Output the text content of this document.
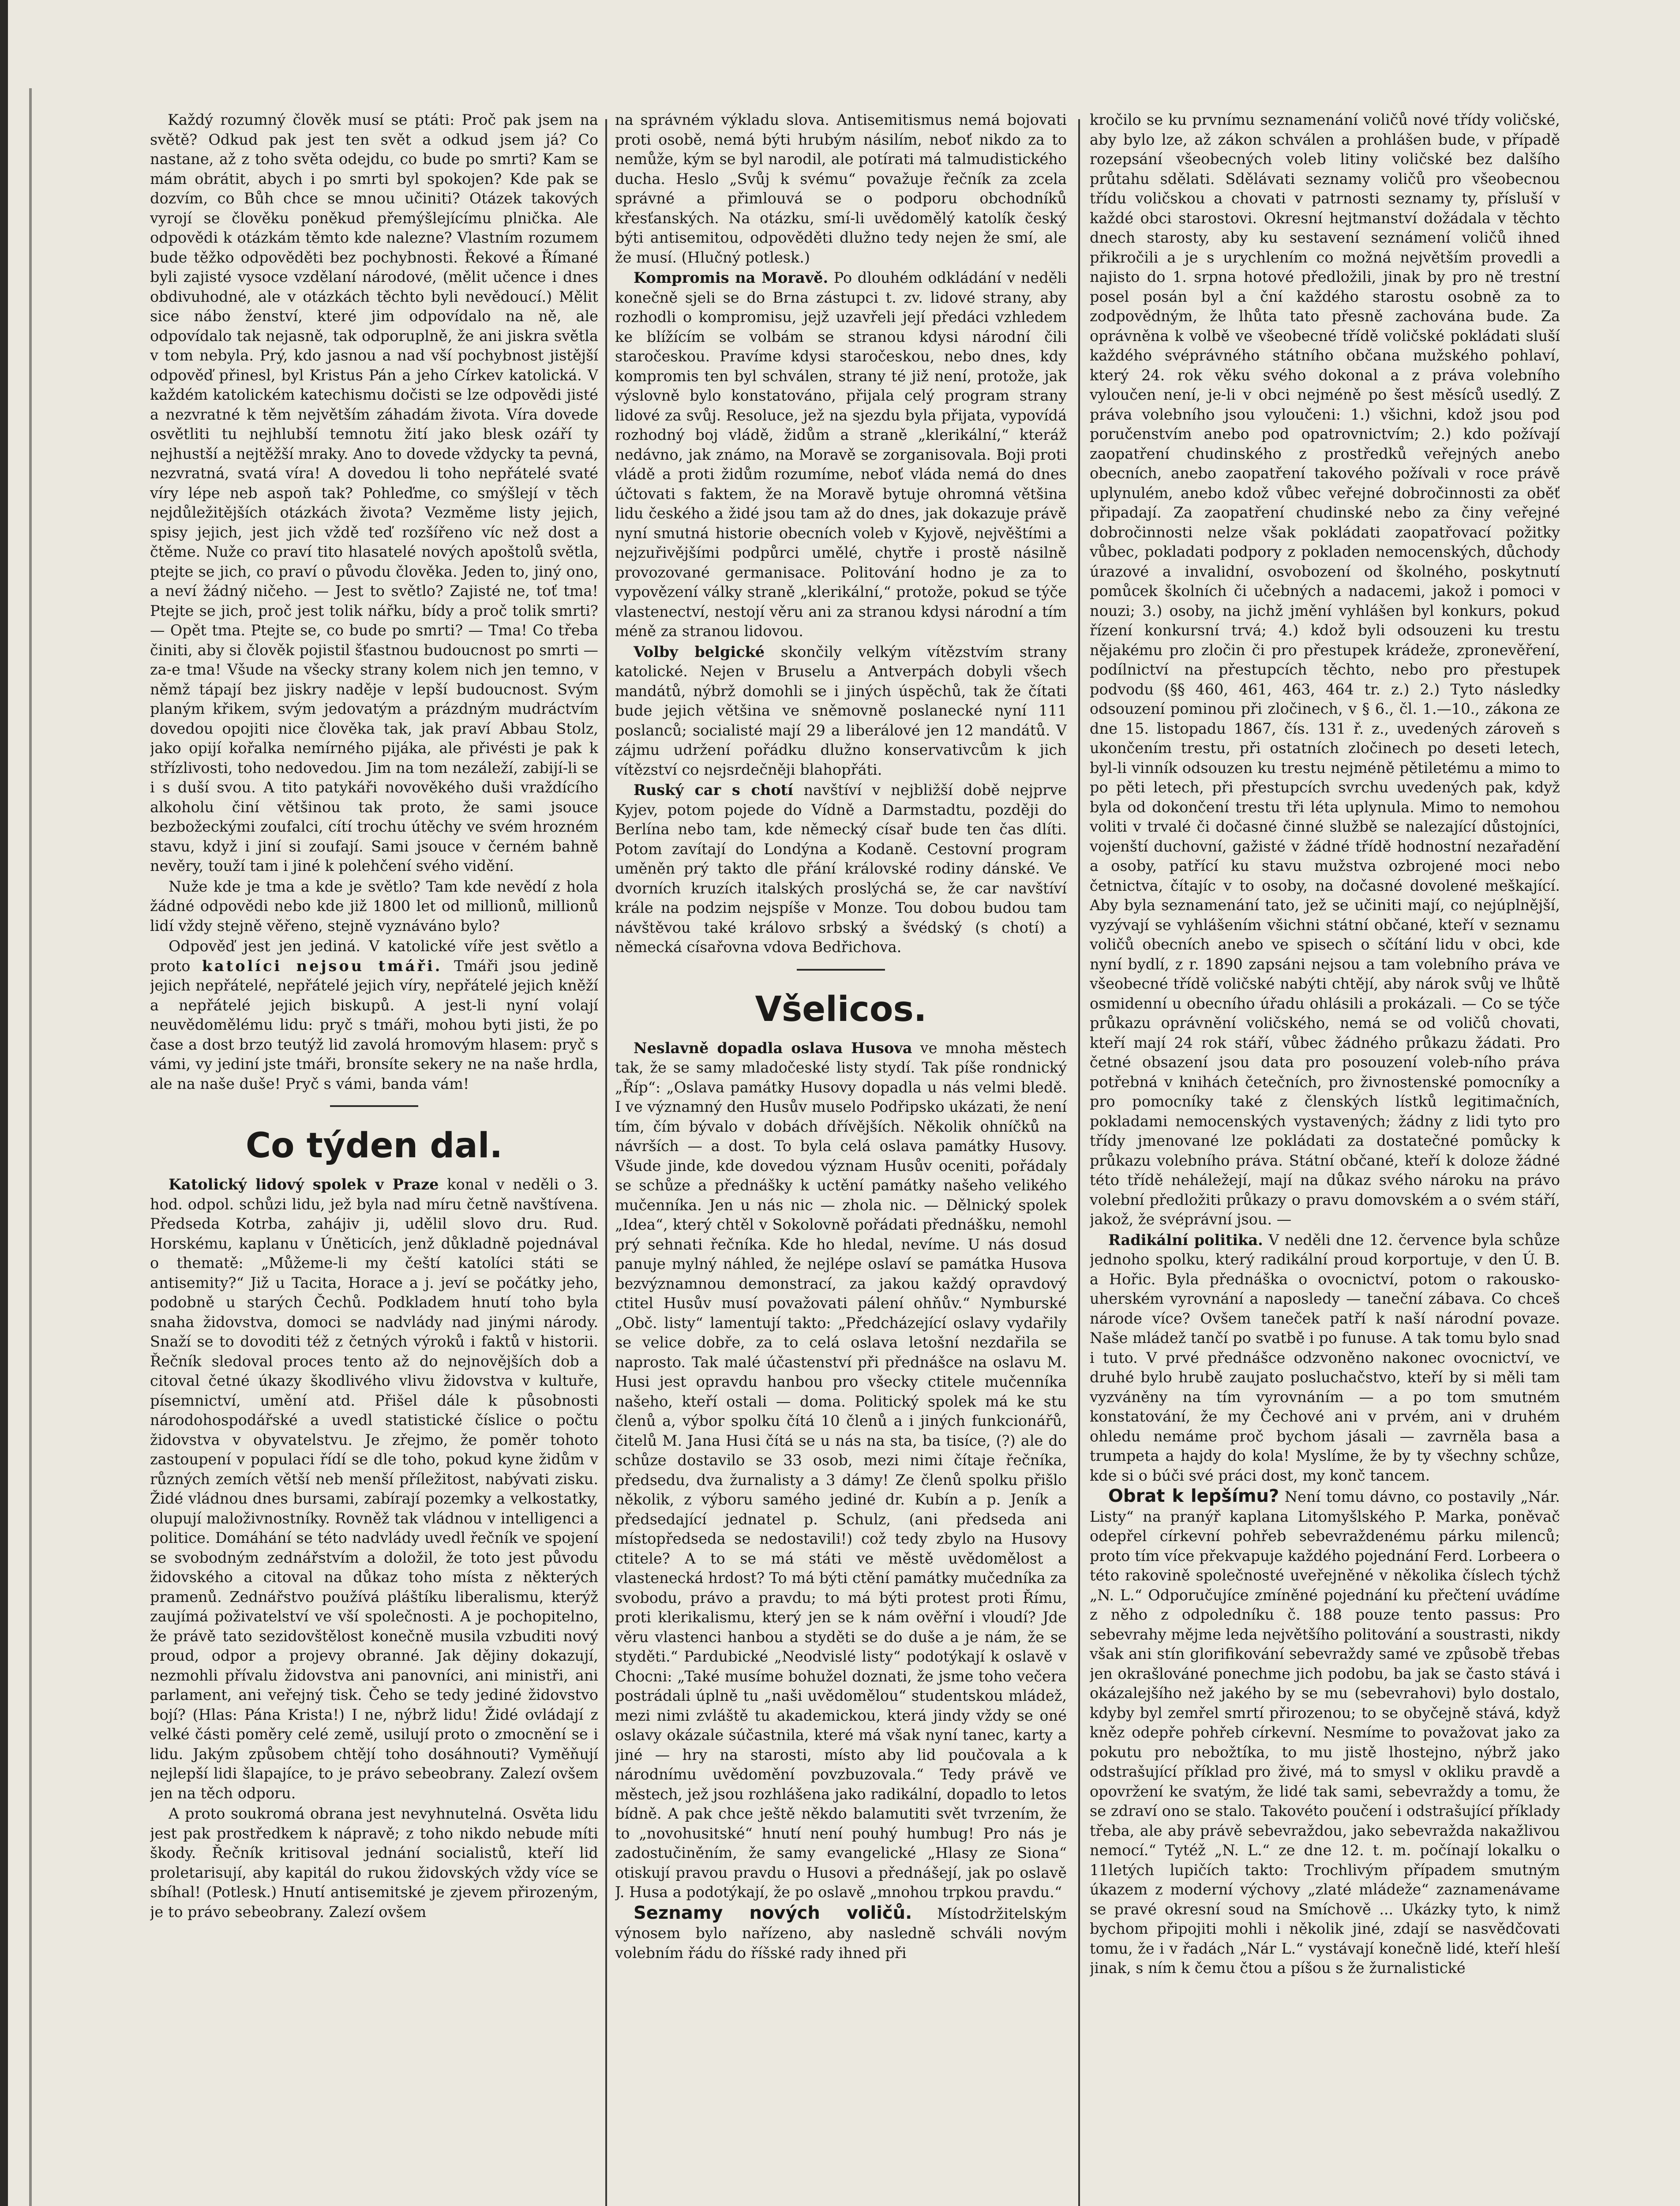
Každý rozumný člověk musí se ptáti: Proč pak jsem na světě? Odkud pak jest ten svět a odkud jsem já? Co nastane, až z toho světa odejdu, co bude po smrti? Kam se mám obrátit, abych i po smrti byl spokojen? Kde pak se dozvím, co Bůh chce se mnou učiniti? Otázek takových vyrojí se člověku poněkud přemýšlejícímu plnička. Ale odpovědi k otázkám těmto kde nalezne? Vlastním rozumem bude těžko odpověděti bez pochybnosti. Řekové a Římané byli zajisté vysoce vzdělaní národové, (mělit učence i dnes obdivuhodné, ale v otázkách těchto byli nevědoucí.) Mělit sice nábo ženství, které jim odpovídalo na ně, ale odpovídalo tak nejasně, tak odporuplně, že ani jiskra světla v tom nebyla. Prý, kdo jasnou a nad vší pochybnost jistější odpověď přinesl, byl Kristus Pán a jeho Církev katolická. V každém katolickém katechismu dočisti se lze odpovědi jisté a nezvratné k těm největším záhadám života. Víra dovede osvětliti tu nejhlubší temnotu žití jako blesk ozáří ty nejhustší a nejtěžší mraky. Ano to dovede vždycky ta pevná, nezvratná, svatá víra! A dovedou li toho nepřátelé svaté víry lépe neb aspoň tak? Pohleďme, co smýšlejí v těch nejdůležitějších otázkách života? Vezměme listy jejich, spisy jejich, jest jich vždě teď rozšířeno víc než dost a čtěme. Nuže co praví tito hlasatelé nových apoštolů světla, ptejte se jich, co praví o původu člověka. Jeden to, jiný ono, a neví žádný ničeho. — Jest to světlo? Zajisté ne, toť tma! Ptejte se jich, proč jest tolik nářku, bídy a proč tolik smrti? — Opět tma. Ptejte se, co bude po smrti? — Tma! Co třeba činiti, aby si člověk pojistil šťastnou budoucnost po smrti — za-e tma! Všude na všecky strany kolem nich jen temno, v němž tápají bez jiskry naděje v lepší budoucnost. Svým planým křikem, svým jedovatým a prázdným mudráctvím dovedou opojiti nice člověka tak, jak praví Abbau Stolz, jako opijí kořalka nemírného pijáka, ale přivésti je pak k střízlivosti, toho nedovedou. Jim na tom nezáleží, zabijí-li se i s duší svou. A tito patykáři novověkého duši vraždícího alkoholu činí většinou tak proto, že sami jsouce bezbožeckými zoufalci, cítí trochu útěchy ve svém hrozném stavu, když i jiní si zoufají. Sami jsouce v černém bahně nevěry, touží tam i jiné k polehčení svého vidění.

Nuže kde je tma a kde je světlo? Tam kde nevědí z hola žádné odpovědi nebo kde již 1800 let od millionů, millionů lidí vždy stejně věřeno, stejně vyznáváno bylo?

Odpověď jest jen jediná. V katolické víře jest světlo a proto katolíci nejsou tmáři. Tmáři jsou jedině jejich nepřátelé, nepřátelé jejich víry, nepřátelé jejich kněží a nepřátelé jejich biskupů. A jest-li nyní volají neuvědomělému lidu: pryč s tmáři, mohou byti jisti, že po čase a dost brzo teutýž lid zavolá hromovým hlasem: pryč s vámi, vy jediní jste tmáři, bronsíte sekery ne na naše hrdla, ale na naše duše! Pryč s vámi, banda vám!

Co týden dal.

Katolický lidový spolek v Praze konal v neděli o 3. hod. odpol. schůzi lidu, jež byla nad míru četně navštívena. Předseda Kotrba, zahájiv ji, udělil slovo dru. Rud. Horskému, kaplanu v Úněticích, jenž důkladně pojednával o thematě: „Můžeme-li my čeští katolíci státi se antisemity?“ Již u Tacita, Horace a j. jeví se počátky jeho, podobně u starých Čechů. Podkladem hnutí toho byla snaha židovstva, domoci se nadvlády nad jinými národy. Snaží se to dovoditi též z četných výroků i faktů v historii. Řečník sledoval proces tento až do nejnovějších dob a citoval četné úkazy škodlivého vlivu židovstva v kultuře, písemnictví, umění atd. Přišel dále k působnosti národohospodářské a uvedl statistické číslice o počtu židovstva v obyvatelstvu. Je zřejmo, že poměr tohoto zastoupení v populaci řídí se dle toho, pokud kyne židům v různých zemích větší neb menší příležitost, nabývati zisku. Židé vládnou dnes bursami, zabírají pozemky a velkostatky, olupují maloživnostníky. Rovněž tak vládnou v intelligenci a politice. Domáhání se této nadvlády uvedl řečník ve spojení se svobodným zednářstvím a doložil, že toto jest původu židovského a citoval na důkaz toho místa z některých pramenů. Zednářstvo používá pláštíku liberalismu, kterýž zaujímá poživatelství ve vší společnosti. A je pochopitelno, že právě tato sezidovštělost konečně musila vzbuditi nový proud, odpor a projevy obranné. Jak dějiny dokazují, nezmohli přívalu židovstva ani panovníci, ani ministři, ani parlament, ani veřejný tisk. Čeho se tedy jediné židovstvo bojí? (Hlas: Pána Krista!) I ne, nýbrž lidu! Židé ovládají z velké části poměry celé země, usilují proto o zmocnění se i lidu. Jakým způsobem chtějí toho dosáhnouti? Vyměňují nejlepší lidi šlapajíce, to je právo sebeobrany. Zalezí ovšem jen na těch odporu.

A proto soukromá obrana jest nevyhnutelná. Osvěta lidu jest pak prostředkem k nápravě; z toho nikdo nebude míti škody. Řečník kritisoval jednání socialistů, kteří lid proletarisují, aby kapitál do rukou židovských vždy více se sbíhal! (Potlesk.) Hnutí antisemitské je zjevem přirozeným, je to právo sebeobrany. Zalezí ovšem

na správném výkladu slova. Antisemitismus nemá bojovati proti osobě, nemá býti hrubým násilím, neboť nikdo za to nemůže, kým se byl narodil, ale potírati má talmudistického ducha. Heslo „Svůj k svému“ považuje řečník za zcela správné a přimlouvá se o podporu obchodníků křesťanských. Na otázku, smí-li uvědomělý katolík český býti antisemitou, odpověděti dlužno tedy nejen že smí, ale že musí. (Hlučný potlesk.)

Kompromis na Moravě. Po dlouhém odkládání v neděli konečně sjeli se do Brna zástupci t. zv. lidové strany, aby rozhodli o kompromisu, jejž uzavřeli její předáci vzhledem ke blížícím se volbám se stranou kdysi národní čili staročeskou. Pravíme kdysi staročeskou, nebo dnes, kdy kompromis ten byl schválen, strany té již není, protože, jak výslovně bylo konstatováno, přijala celý program strany lidové za svůj. Resoluce, jež na sjezdu byla přijata, vypovídá rozhodný boj vládě, židům a straně „klerikální,“ kteráž nedávno, jak známo, na Moravě se zorganisovala. Boji proti vládě a proti židům rozumíme, neboť vláda nemá do dnes účtovati s faktem, že na Moravě bytuje ohromná většina lidu českého a židé jsou tam až do dnes, jak dokazuje právě nyní smutná historie obecních voleb v Kyjově, nejvěštími a nejzuřivějšími podpůrci umělé, chytře i prostě násilně provozované germanisace. Politování hodno je za to vypovězení války straně „klerikální,“ protože, pokud se týče vlastenectví, nestojí věru ani za stranou kdysi národní a tím méně za stranou lidovou.

Volby belgické skončily velkým vítězstvím strany katolické. Nejen v Bruselu a Antverpách dobyli všech mandátů, nýbrž domohli se i jiných úspěchů, tak že čítati bude jejich většina ve sněmovně poslanecké nyní 111 poslanců; socialisté mají 29 a liberálové jen 12 mandátů. V zájmu udržení pořádku dlužno konservativcům k jich vítězství co nejsrdečněji blahopřáti.

Ruský car s chotí navštíví v nejbližší době nejprve Kyjev, potom pojede do Vídně a Darmstadtu, později do Berlína nebo tam, kde německý císař bude ten čas dlíti. Potom zavítají do Londýna a Kodaně. Cestovní program uměněn prý takto dle přání královské rodiny dánské. Ve dvorních kruzích italských proslýchá se, že car navštíví krále na podzim nejspíše v Monze. Tou dobou budou tam návštěvou také královo srbský a švédský (s chotí) a německá císařovna vdova Bedřichova.

Všelicos.

Neslavně dopadla oslava Husova ve mnoha městech tak, že se samy mladočeské listy stydí. Tak píše rondnický „Říp“: „Oslava památky Husovy dopadla u nás velmi bledě. I ve významný den Husův muselo Podřipsko ukázati, že není tím, čím bývalo v dobách dřívějších. Několik ohníčků na návrších — a dost. To byla celá oslava památky Husovy. Všude jinde, kde dovedou význam Husův oceniti, pořádaly se schůze a přednášky k uctění památky našeho velikého mučenníka. Jen u nás nic — zhola nic. — Dělnický spolek „Idea“, který chtěl v Sokolovně pořádati přednášku, nemohl prý sehnati řečníka. Kde ho hledal, nevíme. U nás dosud panuje mylný náhled, že nejlépe oslaví se památka Husova bezvýznamnou demonstrací, za jakou každý opravdový ctitel Husův musí považovati pálení ohňův.“ Nymburské „Obč. listy“ lamentují takto: „Předcházející oslavy vydařily se velice dobře, za to celá oslava letošní nezdařila se naprosto. Tak malé účastenství při přednášce na oslavu M. Husi jest opravdu hanbou pro všecky ctitele mučenníka našeho, kteří ostali — doma. Politický spolek má ke stu členů a, výbor spolku čítá 10 členů a i jiných funkcionářů, čitelů M. Jana Husi čítá se u nás na sta, ba tisíce, (?) ale do schůze dostavilo se 33 osob, mezi nimi čítaje řečníka, předsedu, dva žurnalisty a 3 dámy! Ze členů spolku přišlo několik, z výboru samého jediné dr. Kubín a p. Jeník a předsedající jednatel p. Schulz, (ani předseda ani místopředseda se nedostavili!) což tedy zbylo na Husovy ctitele? A to se má státi ve městě uvědomělost a vlastenecká hrdost? To má býti ctění památky mučedníka za svobodu, právo a pravdu; to má býti protest proti Římu, proti klerikalismu, který jen se k nám ověřní i vloudí? Jde věru vlastenci hanbou a styděti se do duše a je nám, že se styděti.“ Pardubické „Neodvislé listy“ podotýkají k oslavě v Chocni: „Také musíme bohužel doznati, že jsme toho večera postrádali úplně tu „naši uvědomělou“ studentskou mládež, mezi nimi zvláště tu akademickou, která jindy vždy se oné oslavy okázale súčastnila, které má však nyní tanec, karty a jiné — hry na starosti, místo aby lid poučovala a k národnímu uvědomění povzbuzovala.“ Tedy právě ve městech, jež jsou rozhlášena jako radikální, dopadlo to letos bídně. A pak chce ještě někdo balamutiti svět tvrzením, že to „novohusitské“ hnutí není pouhý humbug! Pro nás je zadostučiněním, že samy evangelické „Hlasy ze Siona“ otiskují pravou pravdu o Husovi a přednášejí, jak po oslavě J. Husa a podotýkají, že po oslavě „mnohou trpkou pravdu.“

Seznamy nových voličů. Místodržitelským výnosem bylo nařízeno, aby nasledně schváli novým volebním řádu do říšské rady ihned při

kročilo se ku prvnímu seznamenání voličů nové třídy voličské, aby bylo lze, až zákon schválen a prohlášen bude, v případě rozepsání všeobecných voleb litiny voličské bez dalšího průtahu sdělati. Sdělávati seznamy voličů pro všeobecnou třídu voličskou a chovati v patrnosti seznamy ty, přísluší v každé obci starostovi. Okresní hejtmanství dožádala v těchto dnech starosty, aby ku sestavení seznámení voličů ihned přikročili a je s urychlením co možná největším provedli a najisto do 1. srpna hotové předložili, jinak by pro ně trestní posel posán byl a ční každého starostu osobně za to zodpovědným, že lhůta tato přesně zachována bude. Za oprávněna k volbě ve všeobecné třídě voličské pokládati sluší každého svéprávného státního občana mužského pohlaví, který 24. rok věku svého dokonal a z práva volebního vyloučen není, je-li v obci nejméně po šest měsíců usedlý. Z práva volebního jsou vyloučeni: 1.) všichni, kdož jsou pod poručenstvím anebo pod opatrovnictvím; 2.) kdo požívají zaopatření chudinského z prostředků veřejných anebo obecních, anebo zaopatření takového požívali v roce právě uplynulém, anebo kdož vůbec veřejné dobročinnosti za oběť připadají. Za zaopatření chudinské nebo za činy veřejné dobročinnosti nelze však pokládati zaopatřovací požitky vůbec, pokladati podpory z pokladen nemocenských, důchody úrazové a invalidní, osvobození od školného, poskytnutí pomůcek školních či učebných a nadacemi, jakož i pomoci v nouzi; 3.) osoby, na jichž jmění vyhlášen byl konkurs, pokud řízení konkursní trvá; 4.) kdož byli odsouzeni ku trestu nějakému pro zločin či pro přestupek krádeže, zpronevěření, podílnictví na přestupcích těchto, nebo pro přestupek podvodu (§§ 460, 461, 463, 464 tr. z.) 2.) Tyto následky odsouzení pominou při zločinech, v § 6., čl. 1.—10., zákona ze dne 15. listopadu 1867, čís. 131 ř. z., uvedených zároveň s ukončením trestu, při ostatních zločinech po deseti letech, byl-li vinník odsouzen ku trestu nejméně pětiletému a mimo to po pěti letech, při přestupcích svrchu uvedených pak, když byla od dokončení trestu tři léta uplynula. Mimo to nemohou voliti v trvalé či dočasné činné službě se nalezající důstojníci, vojenští duchovní, gažisté v žádné třídě hodnostní nezařadění a osoby, patřící ku stavu mužstva ozbrojené moci nebo četnictva, čítajíc v to osoby, na dočasné dovolené meškající. Aby byla seznamenání tato, jež se učiniti mají, co nejúplnější, vyzývají se vyhlášením všichni státní občané, kteří v seznamu voličů obecních anebo ve spisech o sčítání lidu v obci, kde nyní bydlí, z r. 1890 zapsáni nejsou a tam volebního práva ve všeobecné třídě voličské nabýti chtějí, aby nárok svůj ve lhůtě osmidenní u obecního úřadu ohlásili a prokázali. — Co se týče průkazu oprávnění voličského, nemá se od voličů chovati, kteří mají 24 rok stáří, vůbec žádného průkazu žádati. Pro četné obsazení jsou data pro posouzení voleb-ního práva potřebná v knihách četečních, pro živnostenské pomocníky a pro pomocníky také z členských lístků legitimačních, pokladami nemocenských vystavených; žádny z lidi tyto pro třídy jmenované lze pokládati za dostatečné pomůcky k průkazu volebního práva. Státní občané, kteří k doloze žádné této třídě neháležejí, mají na důkaz svého nároku na právo volební předložiti průkazy o pravu domovském a o svém stáří, jakož, že svéprávní jsou. —

Radikální politika. V neděli dne 12. července byla schůze jednoho spolku, který radikální proud korportuje, v den Ú. B. a Hořic. Byla přednáška o ovocnictví, potom o rakousko-uherském vyrovnání a naposledy — taneční zábava. Co chceš národe více? Ovšem taneček patří k naší národní povaze. Naše mládež tančí po svatbě i po funuse. A tak tomu bylo snad i tuto. V prvé přednášce odzvoněno nakonec ovocnictví, ve druhé bylo hrubě zaujato posluchačstvo, kteří by si měli tam vyzváněny na tím vyrovnáním — a po tom smutném konstatování, že my Čechové ani v prvém, ani v druhém ohledu nemáme proč bychom jásali — zavrněla basa a trumpeta a hajdy do kola! Myslíme, že by ty všechny schůze, kde si o búči své práci dost, my konč tancem.

Obrat k lepšímu? Není tomu dávno, co postavily „Nár. Listy“ na pranýř kaplana Litomyšlského P. Marka, poněvač odepřel církevní pohřeb sebevraždenému párku milenců; proto tím více překvapuje každého pojednání Ferd. Lorbeera o této rakovině společnosté uveřejněné v několika číslech týchž „N. L.“ Odporučujíce zmíněné pojednání ku přečtení uvádíme z něho z odpoledníku č. 188 pouze tento passus: Pro sebevrahy mějme leda největšího politování a soustrasti, nikdy však ani stín glorifikování sebevraždy samé ve způsobě třebas jen okrašlováné ponechme jich podobu, ba jak se často stává i okázalejšího než jakého by se mu (sebevrahovi) bylo dostalo, kdyby byl zemřel smrtí přirozenou; to se obyčejně stává, když kněz odepře pohřeb církevní. Nesmíme to považovat jako za pokutu pro nebožtíka, to mu jistě lhostejno, nýbrž jako odstrašující příklad pro živé, má to smysl v okliku pravdě a opovržení ke svatým, že lidé tak sami, sebevraždy a tomu, že se zdraví ono se stalo. Takovéto poučení i odstrašující příklady třeba, ale aby právě sebevraždou, jako sebevražda nakažlivou nemocí.“ Tytéž „N. L.“ ze dne 12. t. m. počínají lokalku o 11letých lupičích takto: Trochlivým případem smutným úkazem z moderní výchovy „zlaté mládeže“ zaznamenávame se pravé okresní soud na Smíchově ... Ukázky tyto, k nimž bychom připojiti mohli i několik jiné, zdají se nasvědčovati tomu, že i v řadách „Nár L.“ vystávají konečně lidé, kteří hleší jinak, s ním k čemu čtou a píšou s že žurnalistické
